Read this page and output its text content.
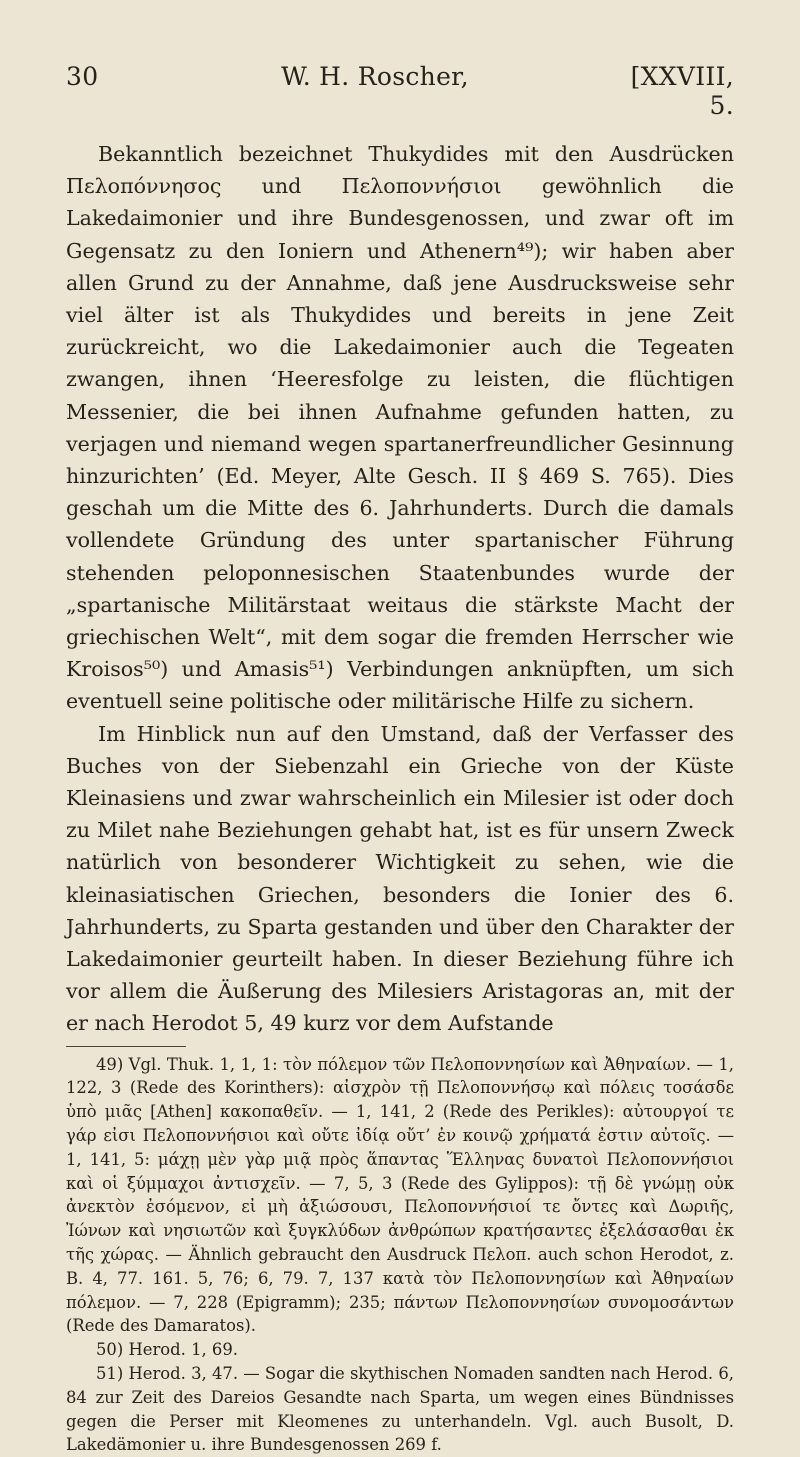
30	W. H. Roscher,	[XXVIII, 5.

Bekanntlich bezeichnet Thukydides mit den Ausdrücken Πελοπόννησος und Πελοποννήσιοι gewöhnlich die Lakedaimonier und ihre Bundesgenossen, und zwar oft im Gegensatz zu den Ioniern und Athenern⁴⁹); wir haben aber allen Grund zu der Annahme, daß jene Ausdrucksweise sehr viel älter ist als Thukydides und bereits in jene Zeit zurückreicht, wo die Lakedaimonier auch die Tegeaten zwangen, ihnen ‘Heeresfolge zu leisten, die flüchtigen Messenier, die bei ihnen Aufnahme gefunden hatten, zu verjagen und niemand wegen spartanerfreundlicher Gesinnung hinzurichten’ (Ed. Meyer, Alte Gesch. II § 469 S. 765). Dies geschah um die Mitte des 6. Jahrhunderts. Durch die damals vollendete Gründung des unter spartanischer Führung stehenden peloponnesischen Staatenbundes wurde der „spartanische Militärstaat weitaus die stärkste Macht der griechischen Welt“, mit dem sogar die fremden Herrscher wie Kroisos⁵⁰) und Amasis⁵¹) Verbindungen anknüpften, um sich eventuell seine politische oder militärische Hilfe zu sichern.

Im Hinblick nun auf den Umstand, daß der Verfasser des Buches von der Siebenzahl ein Grieche von der Küste Kleinasiens und zwar wahrscheinlich ein Milesier ist oder doch zu Milet nahe Beziehungen gehabt hat, ist es für unsern Zweck natürlich von besonderer Wichtigkeit zu sehen, wie die kleinasiatischen Griechen, besonders die Ionier des 6. Jahrhunderts, zu Sparta gestanden und über den Charakter der Lakedaimonier geurteilt haben. In dieser Beziehung führe ich vor allem die Äußerung des Milesiers Aristagoras an, mit der er nach Herodot 5, 49 kurz vor dem Aufstande

49) Vgl. Thuk. 1, 1, 1: τὸν πόλεμον τῶν Πελοποννησίων καὶ Ἀθηναίων. — 1, 122, 3 (Rede des Korinthers): αἰσχρὸν τῇ Πελοποννήσῳ καὶ πόλεις τοσάσδε ὑπὸ μιᾶς [Athen] κακοπαθεῖν. — 1, 141, 2 (Rede des Perikles): αὐτουργοί τε γάρ εἰσι Πελοποννήσιοι καὶ οὔτε ἰδίᾳ οὔτ’ ἐν κοινῷ χρήματά ἐστιν αὐτοῖς. — 1, 141, 5: μάχῃ μὲν γὰρ μιᾷ πρὸς ἅπαντας Ἕλληνας δυνατοὶ Πελοποννήσιοι καὶ οἱ ξύμμαχοι ἀντισχεῖν. — 7, 5, 3 (Rede des Gylippos): τῇ δὲ γνώμῃ οὐκ ἀνεκτὸν ἐσόμενον, εἰ μὴ ἀξιώσουσι, Πελοποννήσιοί τε ὄντες καὶ Δωριῆς, Ἰώνων καὶ νησιωτῶν καὶ ξυγκλύδων ἀνθρώπων κρατήσαντες ἐξελάσασθαι ἐκ τῆς χώρας. — Ähnlich gebraucht den Ausdruck Πελοπ. auch schon Herodot, z. B. 4, 77. 161. 5, 76; 6, 79. 7, 137 κατὰ τὸν Πελοποννησίων καὶ Ἀθηναίων πόλεμον. — 7, 228 (Epigramm); 235; πάντων Πελοποννησίων συνομοσάντων (Rede des Damaratos).

50) Herod. 1, 69.

51) Herod. 3, 47. — Sogar die skythischen Nomaden sandten nach Herod. 6, 84 zur Zeit des Dareios Gesandte nach Sparta, um wegen eines Bündnisses gegen die Perser mit Kleomenes zu unterhandeln. Vgl. auch Busolt, D. Lakedämonier u. ihre Bundesgenossen 269 f.
